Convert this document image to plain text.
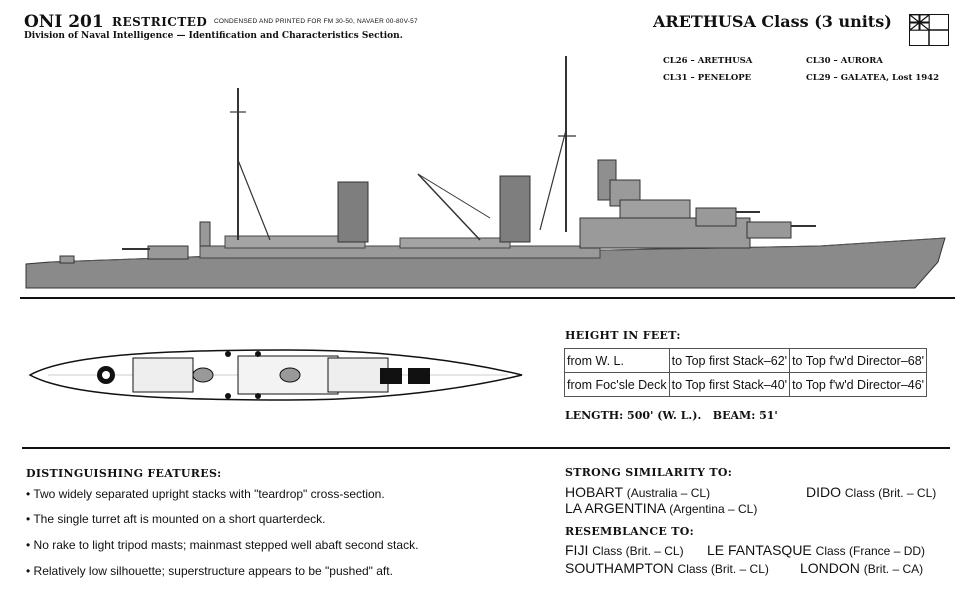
ONI 201 RESTRICTED CONDENSED AND PRINTED FOR FM 30-50, NAVAER 00-80V-57
Division of Naval Intelligence — Identification and Characteristics Section.
ARETHUSA Class (3 units)
CL26 – ARETHUSA	CL30 – AURORA
CL31 – PENELOPE	CL29 – GALATEA, Lost 1942
HEIGHT IN FEET:
from W. L.	to Top first Stack–62'	to Top f'w'd Director–68'
from Foc'sle Deck	to Top first Stack–40'	to Top f'w'd Director–46'
LENGTH: 500' (W. L.). BEAM: 51'
DISTINGUISHING FEATURES:
• Two widely separated upright stacks with "teardrop" cross-section.
• The single turret aft is mounted on a short quarterdeck.
• No rake to light tripod masts; mainmast stepped well abaft second stack.
• Relatively low silhouette; superstructure appears to be "pushed" aft.
STRONG SIMILARITY TO:
HOBART (Australia – CL)	DIDO Class (Brit. – CL)
LA ARGENTINA (Argentina – CL)
RESEMBLANCE TO:
FIJI Class (Brit. – CL) LE FANTASQUE Class (France – DD)
SOUTHAMPTON Class (Brit. – CL) LONDON (Brit. – CA)
